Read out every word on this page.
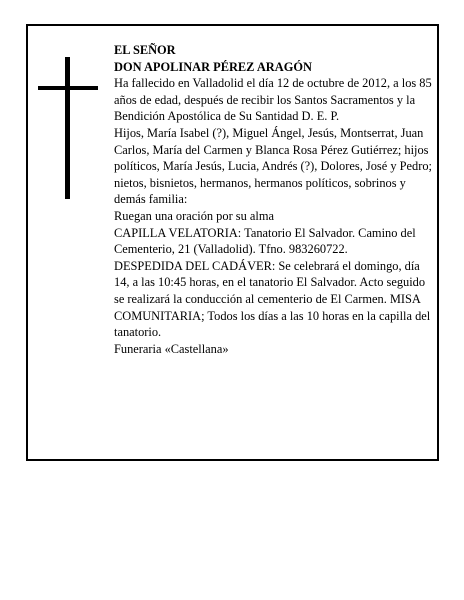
EL SEÑOR

DON APOLINAR PÉREZ ARAGÓN

Ha fallecido en Valladolid el día 12 de octubre de 2012, a los 85 años de edad, después de recibir los Santos Sacramentos y la Bendición Apostólica de Su Santidad D. E. P.

Hijos, María Isabel (?), Miguel Ángel, Jesús, Montserrat, Juan Carlos, María del Carmen y Blanca Rosa Pérez Gutiérrez; hijos políticos, María Jesús, Lucia, Andrés (?), Dolores, José y Pedro; nietos, bisnietos, hermanos, hermanos políticos, sobrinos y demás familia:

Ruegan una oración por su alma

CAPILLA VELATORIA: Tanatorio El Salvador. Camino del Cementerio, 21 (Valladolid). Tfno. 983260722.

DESPEDIDA DEL CADÁVER: Se celebrará el domingo, día 14, a las 10:45 horas, en el tanatorio El Salvador. Acto seguido se realizará la conducción al cementerio de El Carmen. MISA COMUNITARIA; Todos los días a las 10 horas en la capilla del tanatorio.

Funeraria «Castellana»
